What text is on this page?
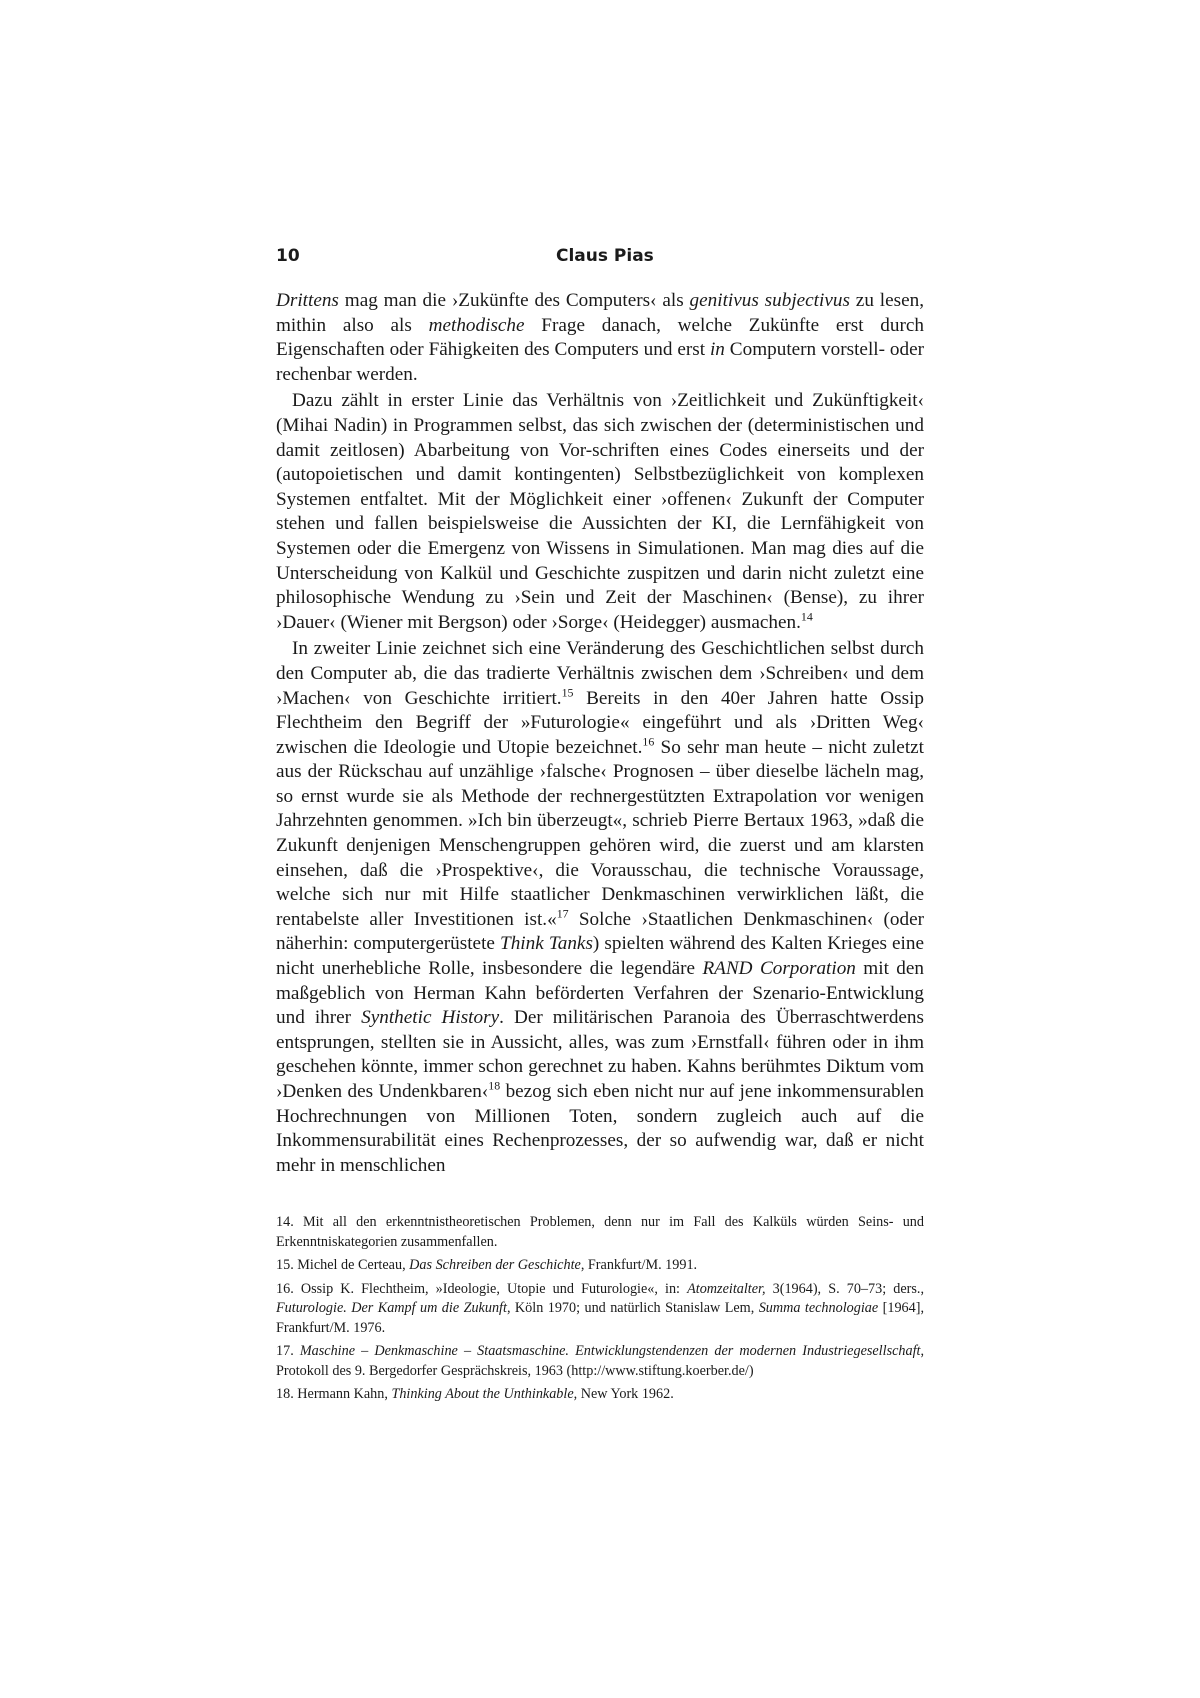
10	Claus Pias

Drittens mag man die ›Zukünfte des Computers‹ als genitivus subjectivus zu lesen, mithin also als methodische Frage danach, welche Zukünfte erst durch Eigenschaften oder Fähigkeiten des Computers und erst in Computern vorstell- oder rechenbar werden.

Dazu zählt in erster Linie das Verhältnis von ›Zeitlichkeit und Zukünftigkeit‹ (Mihai Nadin) in Programmen selbst, das sich zwischen der (deterministischen und damit zeitlosen) Abarbeitung von Vor-schriften eines Codes einerseits und der (autopoietischen und damit kontingenten) Selbstbezüglichkeit von komplexen Systemen entfaltet. Mit der Möglichkeit einer ›offenen‹ Zukunft der Computer stehen und fallen beispielsweise die Aussichten der KI, die Lernfähigkeit von Systemen oder die Emergenz von Wissens in Simulationen. Man mag dies auf die Unterscheidung von Kalkül und Geschichte zuspitzen und darin nicht zuletzt eine philosophische Wendung zu ›Sein und Zeit der Maschinen‹ (Bense), zu ihrer ›Dauer‹ (Wiener mit Bergson) oder ›Sorge‹ (Heidegger) ausmachen.$^{14}$

In zweiter Linie zeichnet sich eine Veränderung des Geschichtlichen selbst durch den Computer ab, die das tradierte Verhältnis zwischen dem ›Schreiben‹ und dem ›Machen‹ von Geschichte irritiert.$^{15}$ Bereits in den 40er Jahren hatte Ossip Flechtheim den Begriff der »Futurologie« eingeführt und als ›Dritten Weg‹ zwischen die Ideologie und Utopie bezeichnet.$^{16}$ So sehr man heute – nicht zuletzt aus der Rückschau auf unzählige ›falsche‹ Prognosen – über dieselbe lächeln mag, so ernst wurde sie als Methode der rechnergestützten Extrapolation vor wenigen Jahrzehnten genommen. »Ich bin überzeugt«, schrieb Pierre Bertaux 1963, »daß die Zukunft denjenigen Menschengruppen gehören wird, die zuerst und am klarsten einsehen, daß die ›Prospektive‹, die Vorausschau, die technische Voraussage, welche sich nur mit Hilfe staatlicher Denkmaschinen verwirklichen läßt, die rentabelste aller Investitionen ist.«$^{17}$ Solche ›Staatlichen Denkmaschinen‹ (oder näherhin: computergerüstete Think Tanks) spielten während des Kalten Krieges eine nicht unerhebliche Rolle, insbesondere die legendäre RAND Corporation mit den maßgeblich von Herman Kahn beförderten Verfahren der Szenario-Entwicklung und ihrer Synthetic History. Der militärischen Paranoia des Überraschtwerdens entsprungen, stellten sie in Aussicht, alles, was zum ›Ernstfall‹ führen oder in ihm geschehen könnte, immer schon gerechnet zu haben. Kahns berühmtes Diktum vom ›Denken des Undenkbaren‹$^{18}$ bezog sich eben nicht nur auf jene inkommensurablen Hochrechnungen von Millionen Toten, sondern zugleich auch auf die Inkommensurabilität eines Rechenprozesses, der so aufwendig war, daß er nicht mehr in menschlichen

14. Mit all den erkenntnistheoretischen Problemen, denn nur im Fall des Kalküls würden Seins- und Erkenntniskategorien zusammenfallen.

15. Michel de Certeau, Das Schreiben der Geschichte, Frankfurt/M. 1991.

16. Ossip K. Flechtheim, »Ideologie, Utopie und Futurologie«, in: Atomzeitalter, 3(1964), S. 70–73; ders., Futurologie. Der Kampf um die Zukunft, Köln 1970; und natürlich Stanislaw Lem, Summa technologiae [1964], Frankfurt/M. 1976.

17. Maschine – Denkmaschine – Staatsmaschine. Entwicklungstendenzen der modernen Industriegesellschaft, Protokoll des 9. Bergedorfer Gesprächskreis, 1963 (http://www.stiftung.koerber.de/)

18. Hermann Kahn, Thinking About the Unthinkable, New York 1962.
